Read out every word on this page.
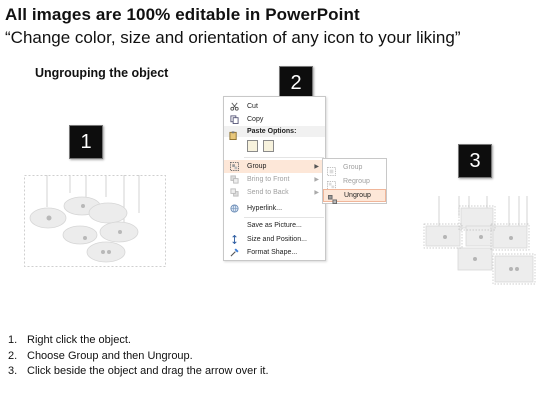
All images are 100% editable in PowerPoint
“Change color, size and orientation of any icon to your liking”
Ungrouping the object
1
2
3
Cut
Copy
Paste Options:
Group	▶
Bring to Front	▶
Send to Back	▶
Hyperlink...
Save as Picture...
Size and Position...
Format Shape...
Group
Regroup
Ungroup
1. Right click the object.
2. Choose Group and then Ungroup.
3. Click beside the object and drag the arrow over it.
